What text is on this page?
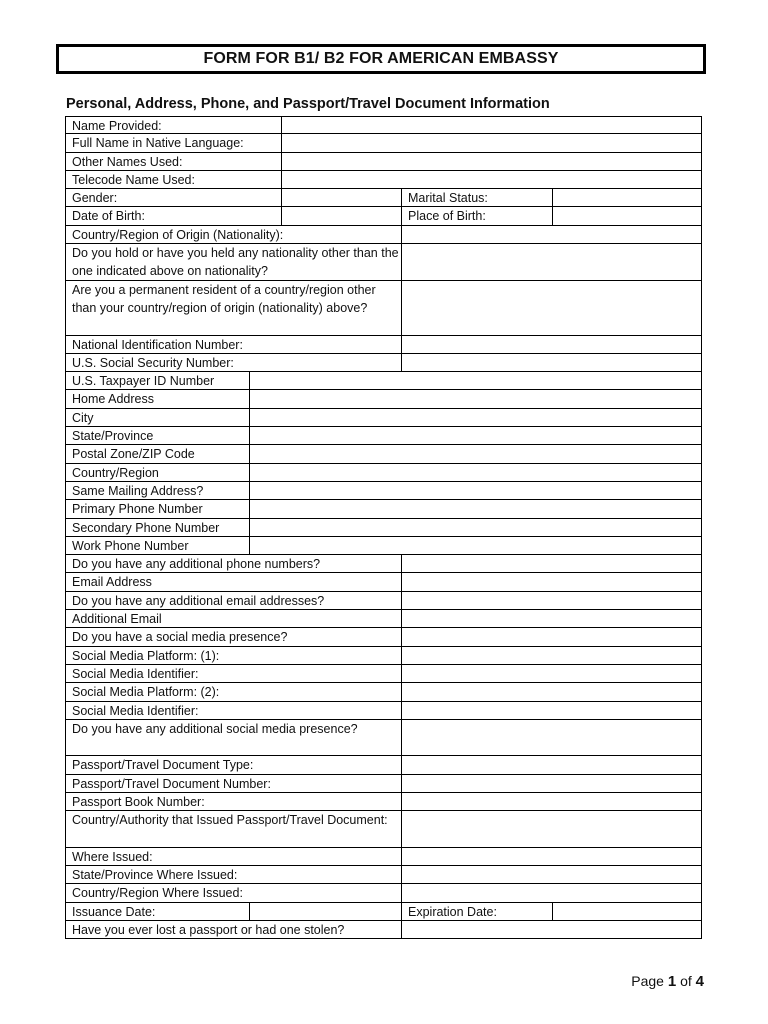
FORM FOR B1/ B2 FOR AMERICAN EMBASSY
Personal, Address, Phone, and Passport/Travel Document Information
Name Provided:
Full Name in Native Language:
Other Names Used:
Telecode Name Used:
Gender:	Marital Status:
Date of Birth:	Place of Birth:
Country/Region of Origin (Nationality):
Do you hold or have you held any nationality other than the one indicated above on nationality?
Are you a permanent resident of a country/region other than your country/region of origin (nationality) above?
National Identification Number:
U.S. Social Security Number:
U.S. Taxpayer ID Number
Home Address
City
State/Province
Postal Zone/ZIP Code
Country/Region
Same Mailing Address?
Primary Phone Number
Secondary Phone Number
Work Phone Number
Do you have any additional phone numbers?
Email Address
Do you have any additional email addresses?
Additional Email
Do you have a social media presence?
Social Media Platform: (1):
Social Media Identifier:
Social Media Platform: (2):
Social Media Identifier:
Do you have any additional social media presence?
Passport/Travel Document Type:
Passport/Travel Document Number:
Passport Book Number:
Country/Authority that Issued Passport/Travel Document:
Where Issued:
State/Province Where Issued:
Country/Region Where Issued:
Issuance Date:	Expiration Date:
Have you ever lost a passport or had one stolen?
Page 1 of 4
